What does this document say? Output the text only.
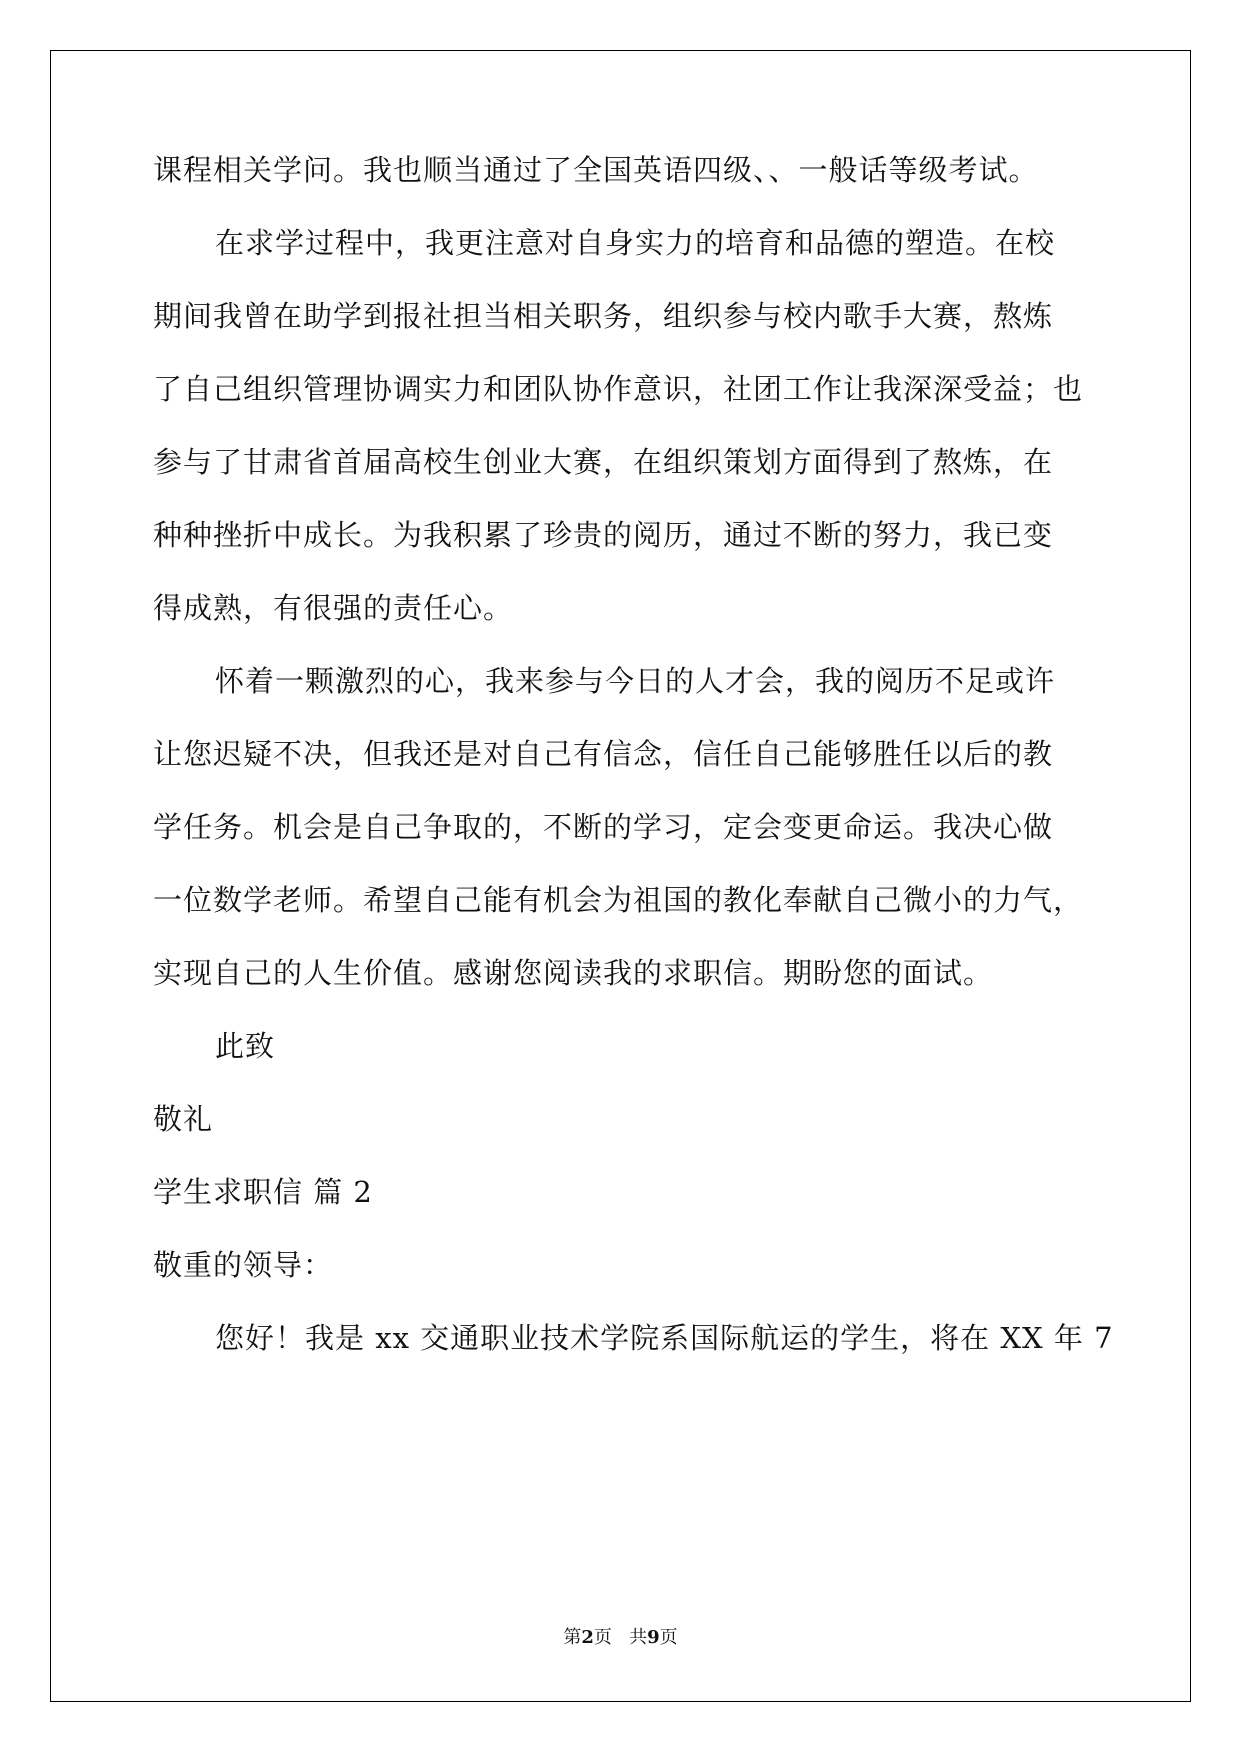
课程相关学问。我也顺当通过了全国英语四级、、一般话等级考试。
在求学过程中，我更注意对自身实力的培育和品德的塑造。在校
期间我曾在助学到报社担当相关职务，组织参与校内歌手大赛，熬炼
了自己组织管理协调实力和团队协作意识，社团工作让我深深受益；也
参与了甘肃省首届高校生创业大赛，在组织策划方面得到了熬炼，在
种种挫折中成长。为我积累了珍贵的阅历，通过不断的努力，我已变
得成熟，有很强的责任心。
怀着一颗激烈的心，我来参与今日的人才会，我的阅历不足或许
让您迟疑不决，但我还是对自己有信念，信任自己能够胜任以后的教
学任务。机会是自己争取的，不断的学习，定会变更命运。我决心做
一位数学老师。希望自己能有机会为祖国的教化奉献自己微小的力气，
实现自己的人生价值。感谢您阅读我的求职信。期盼您的面试。
此致
敬礼
学生求职信 篇 2
敬重的领导：
您好！我是 xx 交通职业技术学院系国际航运的学生，将在 XX 年 7
第2页   共9页
